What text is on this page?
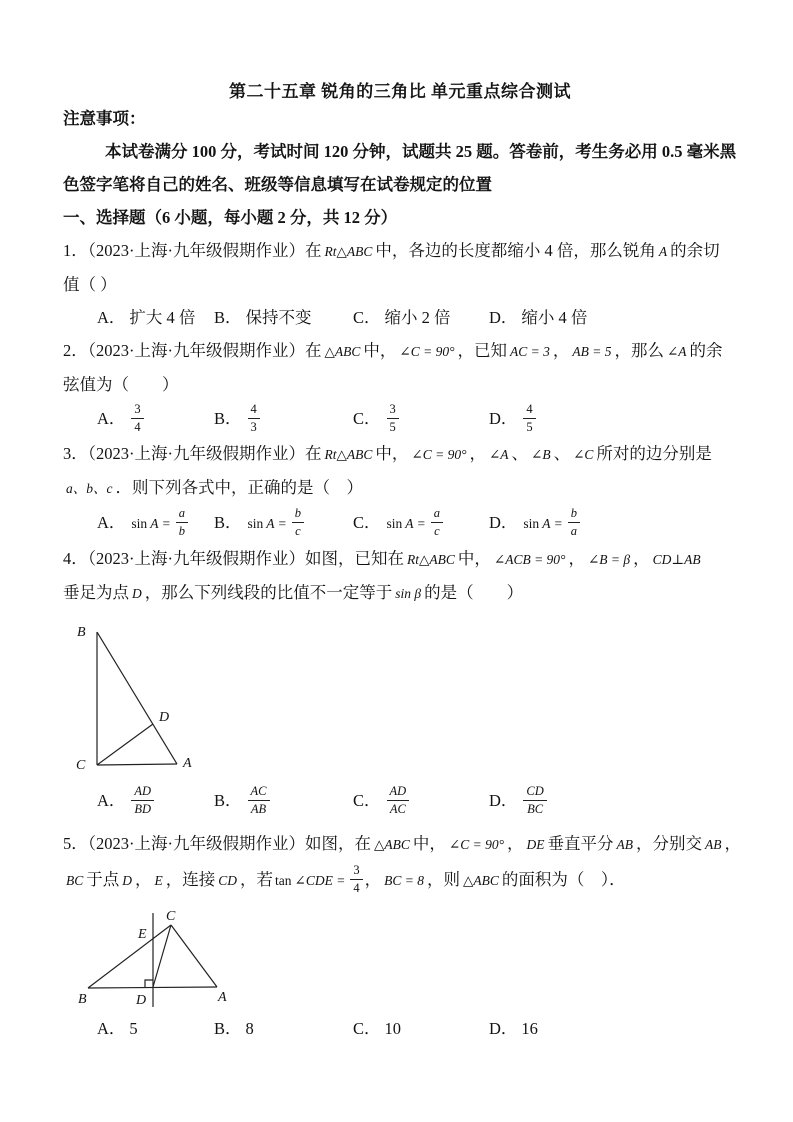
第二十五章 锐角的三角比 单元重点综合测试
注意事项：
本试卷满分 100 分，考试时间 120 分钟，试题共 25 题。答卷前，考生务必用 0.5 毫米黑
色签字笔将自己的姓名、班级等信息填写在试卷规定的位置
一、选择题（6 小题，每小题 2 分，共 12 分）
1．（2023·上海·九年级假期作业）在 Rt△ABC 中，各边的长度都缩小 4 倍，那么锐角 A 的余切
值（ ）
A． 扩大 4 倍	B． 保持不变	C． 缩小 2 倍	D． 缩小 4 倍
2．（2023·上海·九年级假期作业）在 △ABC 中， ∠C = 90° ，已知 AC = 3 ， AB = 5 ，那么 ∠A 的余
弦值为（　　）
A． $\frac{3}{4}$	B． $\frac{4}{3}$	C． $\frac{3}{5}$	D． $\frac{4}{5}$
3．（2023·上海·九年级假期作业）在 Rt△ABC 中， ∠C = 90° ， ∠A 、 ∠B 、 ∠C 所对的边分别是
a、b、c ．则下列各式中，正确的是（　）
A． $\sin A = \frac{a}{b}$ B． $\sin A = \frac{b}{c}$	C． $\sin A = \frac{a}{c}$	D． $\sin A = \frac{b}{a}$
4．（2023·上海·九年级假期作业）如图，已知在 Rt△ABC 中， ∠ACB = 90° ， ∠B = β ， CD⊥AB
垂足为点 D ，那么下列线段的比值不一定等于 sin β 的是（　　）
B
C	A
D
A． $\frac{AD}{BD}$	B． $\frac{AC}{AB}$	C． $\frac{AD}{AC}$	D． $\frac{CD}{BC}$
5．（2023·上海·九年级假期作业）如图，在 △ABC 中， ∠C = 90° ， DE 垂直平分 AB ，分别交 AB ，
BC 于点 D ， E ，连接 CD ，若 tan ∠CDE = $\frac{3}{4}$ ， BC = 8 ，则 △ABC 的面积为（　）．
C
E
B	D	A
A． 5	B． 8	C． 10	D． 16
